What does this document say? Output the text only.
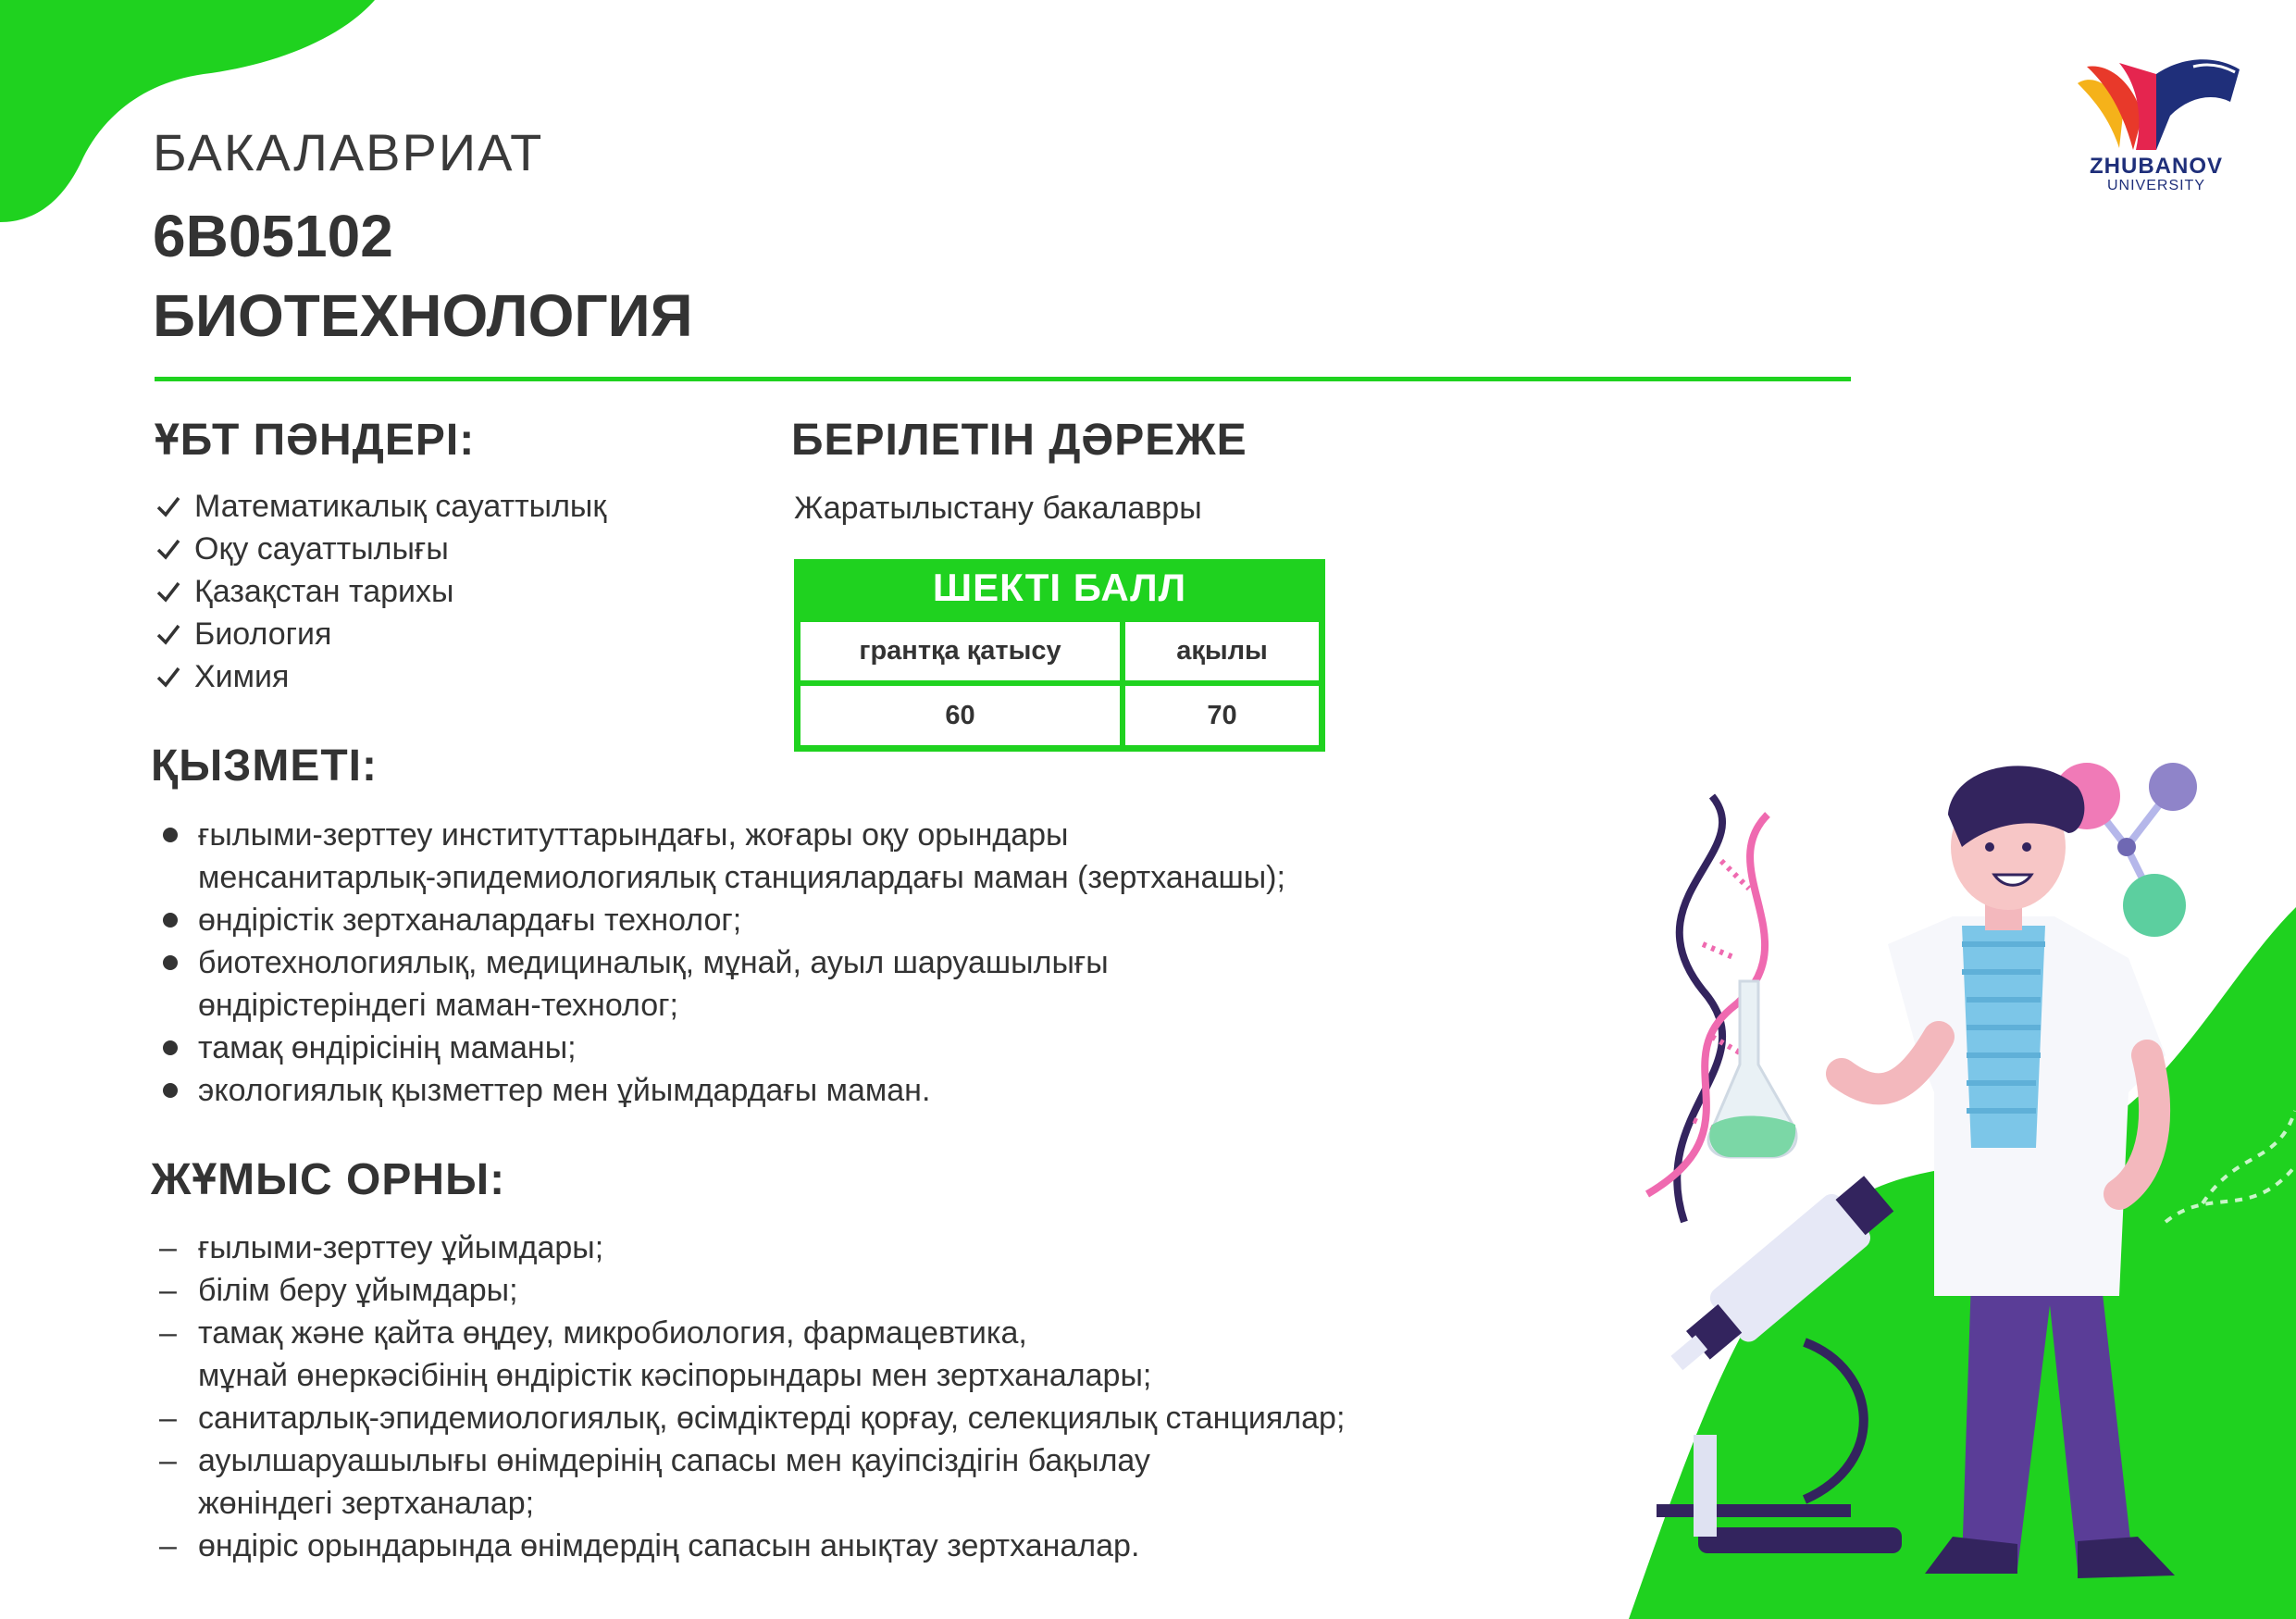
ZHUBANOV
UNIVERSITY
БАКАЛАВРИАТ
6B05102
БИОТЕХНОЛОГИЯ
ҰБТ ПӘНДЕРІ:
Математикалық сауаттылық
Оқу сауаттылығы
Қазақстан тарихы
Биология
Химия
БЕРІЛЕТІН ДӘРЕЖЕ
Жаратылыстану бакалавры
ШЕКТІ БАЛЛ
грантқа қатысу	ақылы
60	70
ҚЫЗМЕТІ:
ғылыми-зерттеу институттарындағы, жоғары оқу орындары
менсанитарлық-эпидемиологиялық станциялардағы маман (зертханашы);
өндірістік зертханалардағы технолог;
биотехнологиялық, медициналық, мұнай, ауыл шаруашылығы
өндірістеріндегі маман-технолог;
тамақ өндірісінің маманы;
экологиялық қызметтер мен ұйымдардағы маман.
ЖҰМЫС ОРНЫ:
– ғылыми-зерттеу ұйымдары;
– білім беру ұйымдары;
– тамақ және қайта өңдеу, микробиология, фармацевтика,
мұнай өнеркәсібінің өндірістік кәсіпорындары мен зертханалары;
– санитарлық-эпидемиологиялық, өсімдіктерді қорғау, селекциялық станциялар;
– ауылшаруашылығы өнімдерінің сапасы мен қауіпсіздігін бақылау
жөніндегі зертханалар;
– өндіріс орындарында өнімдердің сапасын анықтау зертханалар.
